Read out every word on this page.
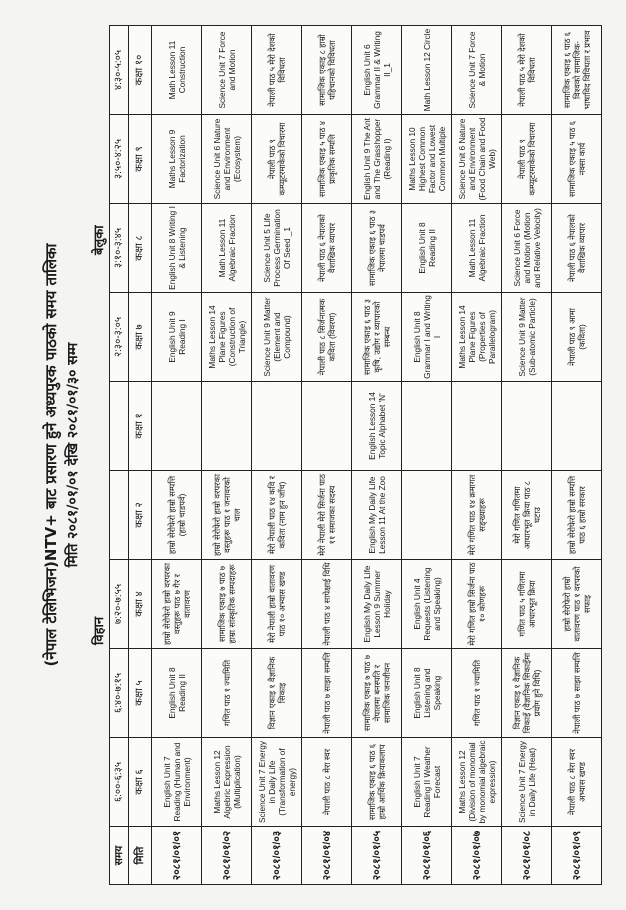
(नेपाल टेलिभिजन)NTV+ बाट प्रसारण हुने अध्यपुरक पाठको समय तालिका मिति २०८१/०१/०१ देखि २०८१/०१/३० सम्म
विहान
बेलुका
समय	६:००-६:३५	६:४०-७:१५	७:२०-७:५५				२:३०-३:०५	३:१०-३:४५	३:५०-४:२५	४:३०-५:०५	
मिति	कक्षा ६	कक्षा ५	कक्षा ४		कक्षा २	कक्षा १	कक्षा ७	कक्षा ८	कक्षा ९	कक्षा १०	
२०८१/०१/०१	English Unit 7 Reading (Human and Environment)	English Unit 8 Reading II	हाम्रो सेरोफेरो हाम्रो वरपरका वस्तुहरू पाठ ७ गैर र वातावरण		हाम्रो सेरोफेरो हाम्रो सम्पत्ति (हाम्रो चाडपर्व)		English Unit 9 Reading I	English Unit 8 Writing I & Listening	Maths Lesson 9 Factorization	Math Lesson 11 Construction	
२०८१/०१/०२	Maths Lesson 12 Algebric Expression (Multiplication)	गणित पाठ १ ज्यामिति	सामाजिक एकाइ ७ पाठ ७ हाम्रा सांस्कृतिक सम्पदाहरू		हाम्रो सेरोफेरो हाम्रो वरपरका वस्तुहरू पाठ १ जनावरको चाल		Maths Lesson 14 Plane Figures (Construction of Triangle)	Math Lesson 11 Algebraic Fraction	Science Unit 6 Nature and Environment (Ecosystem)	Science Unit 7 Force and Motion	
२०८१/०१/०३	Science Unit 7 Energy in Daily Life (Transformation of energy)	विज्ञान एकाइ १ वैज्ञानिक सिकाइ	मेरो नेपाली हाम्रो वातावरण पाठ १० अभ्यास खण्ड		मेरो नेपाली पाठ १४ कवि र कविता (नाम हुन जाँच)		Science Unit 9 Matter (Element and Compound)	Science Unit 5 Life Process Germination Of Seed _1	नेपाली पाठ ९ कम्प्यूटरमाकेको विचारमा	नेपाली पाठ ५ मेरो देशको विविधता	
२०८१/०१/०४	नेपाली पाठ ८ मेरा स्वर	नेपाली पाठ ७ साझा सम्पत्ति	नेपाली पाठ ४ सापेक्षाई विधि		मेरो नेपाली मेरो सिर्जना पाठ ११ समाजका सदस्य		नेपाली पाठ ८ सिर्जनात्मक कविता (विवरण)	नेपाली पाठ ६ नेपालको वैशाखिक व्यापार	सामाजिक एकाइ ५ पाठ ४ प्राकृतिक सम्पत्ति	सामाजिक एकाइ ८ हाम्रो पहिचानको विविधता	
२०८१/०१/०५	सामाजिक एकाइ ६ पाठ ६ हाम्रो आर्थिक क्रियाकलाप	सामाजिक एकाइ ७ पाठ ७ नेपालमा बनस्पति र सामाजिक जनजीवन	English My Daily Life Lesson 9 Summer Holiday		English My Daily Life Lesson 11 At the Zoo	English Lesson 14 Topic Alphabet 'N'	सामाजिक एकाइ ६ पाठ ३ कृषि, उद्योग र व्यापारको सम्बन्ध	सामाजिक एकाइ ६ पाठ ३ नेपालमा चाडपर्व	English Unit 9 The Ant and The Grasshopper (Reading I)	English Unit 6 Grammar II & Writing II_1	
२०८१/०१/०६	English Unit 7 Reading II Weather Forecast	English Unit 8 Listening and Speaking	English Unit 4 Requests (Listening and Speaking)				English Unit 8 Grammar I and Writing I	English Unit 8 Reading II	Maths Lesson 10 Highest Common Factor and Lowest Common Multiple	Math Lesson 12 Circle	
२०८१/०१/०७	Maths Lesson 12 (Division of monomial by monomial algebraic expression)	गणित पाठ १ ज्यामिति	मेरो गणित हाम्रो सिर्जना पाठ १० कोणहरू		मेरो गणित पाठ १४ क्रमागत सङ्ख्याहरू		Maths Lesson 14 Plane Figures (Properties of Parallelogram)	Math Lesson 11 Algebraic Fraction	Science Unit 6 Nature and Environment (Food Chain and Food Web)	Science Unit 7 Force & Motion	
२०८१/०१/०८	Science Unit 7 Energy in Daily Life (Heat)	विज्ञान एकाइ १ वैज्ञानिक सिकाइँ (वैज्ञानिक सिकाइँमा प्रयोग हुने विधि)	गणित पाठ ५ गणितमा आधारभूत क्रिया		मेरो गणित गणितमा आधारभूत क्रिया पाठ ८ घटाउ		Science Unit 9 Matter (Sub-atomic Particle)	Science Unit 6 Force and Motion (Motion and Relative Velocity)	नेपाली पाठ ९ कम्प्यूटरमाकेको विचारमा	नेपाली पाठ ५ मेरो देशको विविधता	
२०८१/०१/०९	नेपाली पाठ ८ मेरा स्वर अभ्यास खण्ड	नेपाली पाठ ७ साझा सम्पत्ति	हाम्रो सेरोफेरो हाम्रो वातावरण पाठ १ वरपरको सफाइ		हाम्रो सेरोफेरो हाम्रो सम्पत्ति पाठ ६ हाम्रो सरकार		नेपाली पाठ ९ आमा (कविता)	नेपाली पाठ ६ नेपालको वैशाखिक व्यापार	सामाजिक एकाइ ५ पाठ ६ नक्सा कार्य	सामाजिक एकाइ ६ पाठ ६ विश्वको सामाजिक-भाषाविद विविधता र प्रभाव	
